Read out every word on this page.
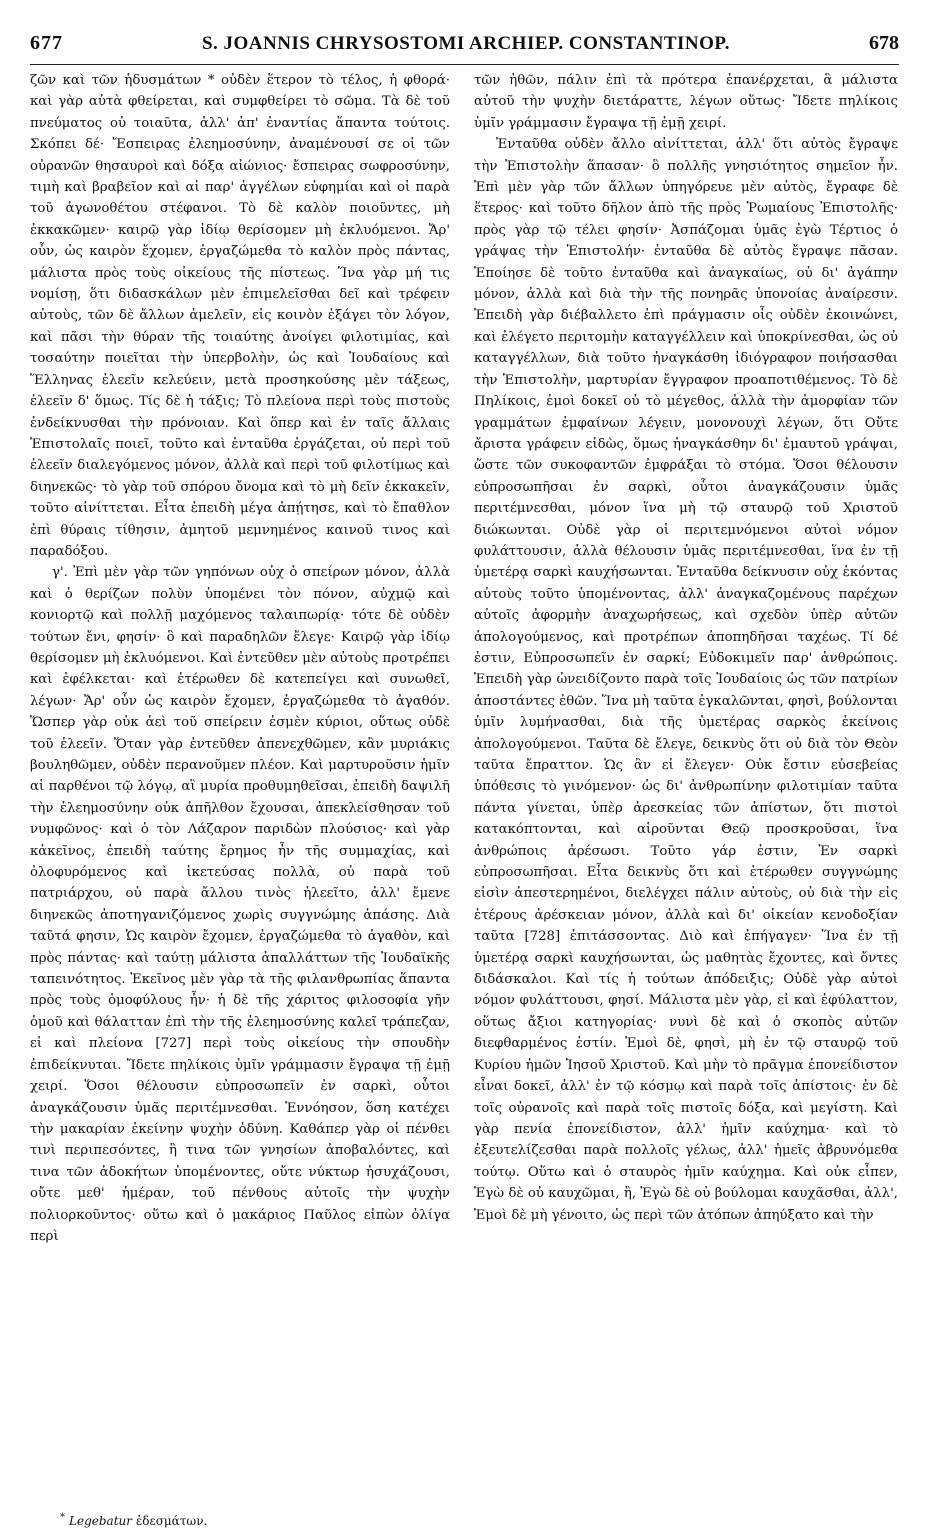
677	S. JOANNIS CHRYSOSTOMI ARCHIEP. CONSTANTINOP.	678

ζῶν καὶ τῶν ἡδυσμάτων * οὐδὲν ἕτερον τὸ τέλος, ἡ φθορά· καὶ γὰρ αὐτὰ φθείρεται, καὶ συμφθείρει τὸ σῶμα. Τὰ δὲ τοῦ πνεύματος οὐ τοιαῦτα, ἀλλ' ἀπ' ἐναντίας ἅπαντα τούτοις. Σκόπει δέ· Ἔσπειρας ἐλεημοσύνην, ἀναμένουσί σε οἱ τῶν οὐρανῶν θησαυροὶ καὶ δόξα αἰώνιος· ἔσπειρας σωφροσύνην, τιμὴ καὶ βραβεῖον καὶ αἱ παρ' ἀγγέλων εὐφημίαι καὶ οἱ παρὰ τοῦ ἀγωνοθέτου στέφανοι. Τὸ δὲ καλὸν ποιοῦντες, μὴ ἐκκακῶμεν· καιρῷ γὰρ ἰδίῳ θερίσομεν μὴ ἐκλυόμενοι. Ἄρ' οὖν, ὡς καιρὸν ἔχομεν, ἐργαζώμεθα τὸ καλὸν πρὸς πάντας, μάλιστα πρὸς τοὺς οἰκείους τῆς πίστεως. Ἵνα γὰρ μή τις νομίσῃ, ὅτι διδασκάλων μὲν ἐπιμελεῖσθαι δεῖ καὶ τρέφειν αὐτοὺς, τῶν δὲ ἄλλων ἀμελεῖν, εἰς κοινὸν ἐξάγει τὸν λόγον, καὶ πᾶσι τὴν θύραν τῆς τοιαύτης ἀνοίγει φιλοτιμίας, καὶ τοσαύτην ποιεῖται τὴν ὑπερβολὴν, ὡς καὶ Ἰουδαίους καὶ Ἕλληνας ἐλεεῖν κελεύειν, μετὰ προσηκούσης μὲν τάξεως, ἐλεεῖν δ' ὅμως. Τίς δὲ ἡ τάξις; Τὸ πλείονα περὶ τοὺς πιστοὺς ἐνδείκνυσθαι τὴν πρόνοιαν. Καὶ ὅπερ καὶ ἐν ταῖς ἄλλαις Ἐπιστολαῖς ποιεῖ, τοῦτο καὶ ἐνταῦθα ἐργάζεται, οὐ περὶ τοῦ ἐλεεῖν διαλεγόμενος μόνον, ἀλλὰ καὶ περὶ τοῦ φιλοτίμως καὶ διηνεκῶς· τὸ γὰρ τοῦ σπόρου ὄνομα καὶ τὸ μὴ δεῖν ἐκκακεῖν, τοῦτο αἰνίττεται. Εἶτα ἐπειδὴ μέγα ἀπῄτησε, καὶ τὸ ἔπαθλον ἐπὶ θύραις τίθησιν, ἀμητοῦ μεμνημένος καινοῦ τινος καὶ παραδόξου.

γ'. Ἐπὶ μὲν γὰρ τῶν γηπόνων οὐχ ὁ σπείρων μόνον, ἀλλὰ καὶ ὁ θερίζων πολὺν ὑπομένει τὸν πόνον, αὐχμῷ καὶ κονιορτῷ καὶ πολλῇ μαχόμενος ταλαιπωρίᾳ· τότε δὲ οὐδὲν τούτων ἔνι, φησίν· ὃ καὶ παραδηλῶν ἔλεγε· Καιρῷ γὰρ ἰδίῳ θερίσομεν μὴ ἐκλυόμενοι. Καὶ ἐντεῦθεν μὲν αὐτοὺς προτρέπει καὶ ἐφέλκεται· καὶ ἑτέρωθεν δὲ κατεπείγει καὶ συνωθεῖ, λέγων· Ἄρ' οὖν ὡς καιρὸν ἔχομεν, ἐργαζώμεθα τὸ ἀγαθόν. Ὥσπερ γὰρ οὐκ ἀεὶ τοῦ σπείρειν ἐσμὲν κύριοι, οὕτως οὐδὲ τοῦ ἐλεεῖν. Ὅταν γὰρ ἐντεῦθεν ἀπενεχθῶμεν, κἂν μυριάκις βουληθῶμεν, οὐδὲν περανοῦμεν πλέον. Καὶ μαρτυροῦσιν ἡμῖν αἱ παρθένοι τῷ λόγῳ, αἳ μυρία προθυμηθεῖσαι, ἐπειδὴ δαψιλῆ τὴν ἐλεημοσύνην οὐκ ἀπῆλθον ἔχουσαι, ἀπεκλείσθησαν τοῦ νυμφῶνος· καὶ ὁ τὸν Λάζαρον παριδὼν πλούσιος· καὶ γὰρ κἀκεῖνος, ἐπειδὴ ταύτης ἔρημος ἦν τῆς συμμαχίας, καὶ ὀλοφυρόμενος καὶ ἱκετεύσας πολλὰ, οὐ παρὰ τοῦ πατριάρχου, οὐ παρὰ ἄλλου τινὸς ἠλεεῖτο, ἀλλ' ἔμενε διηνεκῶς ἀποτηγανιζόμενος χωρὶς συγγνώμης ἁπάσης. Διὰ ταῦτά φησιν, Ὡς καιρὸν ἔχομεν, ἐργαζώμεθα τὸ ἀγαθὸν, καὶ πρὸς πάντας· καὶ ταύτῃ μάλιστα ἀπαλλάττων τῆς Ἰουδαϊκῆς ταπεινότητος. Ἐκεῖνος μὲν γὰρ τὰ τῆς φιλανθρωπίας ἅπαντα πρὸς τοὺς ὁμοφύλους ἦν· ἡ δὲ τῆς χάριτος φιλοσοφία γῆν ὁμοῦ καὶ θάλατταν ἐπὶ τὴν τῆς ἐλεημοσύνης καλεῖ τράπεζαν, εἰ καὶ πλείονα [727] περὶ τοὺς οἰκείους τὴν σπουδὴν ἐπιδείκνυται. Ἴδετε πηλίκοις ὑμῖν γράμμασιν ἔγραψα τῇ ἐμῇ χειρί. Ὅσοι θέλουσιν εὐπροσωπεῖν ἐν σαρκὶ, οὗτοι ἀναγκάζουσιν ὑμᾶς περιτέμνεσθαι. Ἐννόησον, ὅση κατέχει τὴν μακαρίαν ἐκείνην ψυχὴν ὀδύνη. Καθάπερ γὰρ οἱ πένθει τινὶ περιπεσόντες, ἢ τινα τῶν γνησίων ἀποβαλόντες, καὶ τινα τῶν ἀδοκήτων ὑπομένοντες, οὔτε νύκτωρ ἡσυχάζουσι, οὔτε μεθ' ἡμέραν, τοῦ πένθους αὐτοῖς τὴν ψυχὴν πολιορκοῦντος· οὕτω καὶ ὁ μακάριος Παῦλος εἰπὼν ὀλίγα περὶ

τῶν ἠθῶν, πάλιν ἐπὶ τὰ πρότερα ἐπανέρχεται, ἃ μάλιστα αὐτοῦ τὴν ψυχὴν διετάραττε, λέγων οὕτως· Ἴδετε πηλίκοις ὑμῖν γράμμασιν ἔγραψα τῇ ἐμῇ χειρί.

Ἐνταῦθα οὐδὲν ἄλλο αἰνίττεται, ἀλλ' ὅτι αὐτὸς ἔγραψε τὴν Ἐπιστολὴν ἅπασαν· ὃ πολλῆς γνησιότητος σημεῖον ἦν. Ἐπὶ μὲν γὰρ τῶν ἄλλων ὑπηγόρευε μὲν αὐτὸς, ἔγραφε δὲ ἕτερος· καὶ τοῦτο δῆλον ἀπὸ τῆς πρὸς Ῥωμαίους Ἐπιστολῆς· πρὸς γὰρ τῷ τέλει φησίν· Ἀσπάζομαι ὑμᾶς ἐγὼ Τέρτιος ὁ γράψας τὴν Ἐπιστολήν· ἐνταῦθα δὲ αὐτὸς ἔγραψε πᾶσαν. Ἐποίησε δὲ τοῦτο ἐνταῦθα καὶ ἀναγκαίως, οὐ δι' ἀγάπην μόνον, ἀλλὰ καὶ διὰ τὴν τῆς πονηρᾶς ὑπονοίας ἀναίρεσιν. Ἐπειδὴ γὰρ διέβαλλετο ἐπὶ πράγμασιν οἷς οὐδὲν ἐκοινώνει, καὶ ἐλέγετο περιτομὴν καταγγέλλειν καὶ ὑποκρίνεσθαι, ὡς οὐ καταγγέλλων, διὰ τοῦτο ἠναγκάσθη ἰδιόγραφον ποιήσασθαι τὴν Ἐπιστολὴν, μαρτυρίαν ἔγγραφον προαποτιθέμενος. Τὸ δὲ Πηλίκοις, ἐμοὶ δοκεῖ οὐ τὸ μέγεθος, ἀλλὰ τὴν ἀμορφίαν τῶν γραμμάτων ἐμφαίνων λέγειν, μονονουχὶ λέγων, ὅτι Οὔτε ἄριστα γράφειν εἰδὼς, ὅμως ἠναγκάσθην δι' ἐμαυτοῦ γράψαι, ὥστε τῶν συκοφαντῶν ἐμφράξαι τὸ στόμα. Ὅσοι θέλουσιν εὐπροσωπῆσαι ἐν σαρκὶ, οὗτοι ἀναγκάζουσιν ὑμᾶς περιτέμνεσθαι, μόνον ἵνα μὴ τῷ σταυρῷ τοῦ Χριστοῦ διώκωνται. Οὐδὲ γὰρ οἱ περιτεμνόμενοι αὐτοὶ νόμον φυλάττουσιν, ἀλλὰ θέλουσιν ὑμᾶς περιτέμνεσθαι, ἵνα ἐν τῇ ὑμετέρᾳ σαρκὶ καυχήσωνται. Ἐνταῦθα δείκνυσιν οὐχ ἑκόντας αὐτοὺς τοῦτο ὑπομένοντας, ἀλλ' ἀναγκαζομένους παρέχων αὐτοῖς ἀφορμὴν ἀναχωρήσεως, καὶ σχεδὸν ὑπὲρ αὐτῶν ἀπολογούμενος, καὶ προτρέπων ἀποπηδῆσαι ταχέως. Τί δέ ἐστιν, Εὐπροσωπεῖν ἐν σαρκί; Εὐδοκιμεῖν παρ' ἀνθρώποις. Ἐπειδὴ γὰρ ὠνειδίζοντο παρὰ τοῖς Ἰουδαίοις ὡς τῶν πατρίων ἀποστάντες ἐθῶν. Ἵνα μὴ ταῦτα ἐγκαλῶνται, φησὶ, βούλονται ὑμῖν λυμήνασθαι, διὰ τῆς ὑμετέρας σαρκὸς ἐκείνοις ἀπολογούμενοι. Ταῦτα δὲ ἔλεγε, δεικνὺς ὅτι οὐ διὰ τὸν Θεὸν ταῦτα ἔπραττον. Ὡς ἂν εἰ ἔλεγεν· Οὐκ ἔστιν εὐσεβείας ὑπόθεσις τὸ γινόμενον· ὡς δι' ἀνθρωπίνην φιλοτιμίαν ταῦτα πάντα γίνεται, ὑπὲρ ἀρεσκείας τῶν ἀπίστων, ὅτι πιστοὶ κατακόπτονται, καὶ αἱροῦνται Θεῷ προσκροῦσαι, ἵνα ἀνθρώποις ἀρέσωσι. Τοῦτο γάρ ἐστιν, Ἐν σαρκὶ εὐπροσωπῆσαι. Εἶτα δεικνὺς ὅτι καὶ ἑτέρωθεν συγγνώμης εἰσὶν ἀπεστερημένοι, διελέγχει πάλιν αὐτοὺς, οὐ διὰ τὴν εἰς ἑτέρους ἀρέσκειαν μόνον, ἀλλὰ καὶ δι' οἰκείαν κενοδοξίαν ταῦτα [728] ἐπιτάσσοντας. Διὸ καὶ ἐπήγαγεν· Ἵνα ἐν τῇ ὑμετέρᾳ σαρκὶ καυχήσωνται, ὡς μαθητὰς ἔχοντες, καὶ ὄντες διδάσκαλοι. Καὶ τίς ἡ τούτων ἀπόδειξις; Οὐδὲ γὰρ αὐτοὶ νόμον φυλάττουσι, φησί. Μάλιστα μὲν γὰρ, εἰ καὶ ἐφύλαττον, οὕτως ἄξιοι κατηγορίας· νυνὶ δὲ καὶ ὁ σκοπὸς αὐτῶν διεφθαρμένος ἐστίν. Ἐμοὶ δὲ, φησὶ, μὴ ἐν τῷ σταυρῷ τοῦ Κυρίου ἡμῶν Ἰησοῦ Χριστοῦ. Καὶ μὴν τὸ πρᾶγμα ἐπονείδιστον εἶναι δοκεῖ, ἀλλ' ἐν τῷ κόσμῳ καὶ παρὰ τοῖς ἀπίστοις· ἐν δὲ τοῖς οὐρανοῖς καὶ παρὰ τοῖς πιστοῖς δόξα, καὶ μεγίστη. Καὶ γὰρ πενία ἐπονείδιστον, ἀλλ' ἡμῖν καύχημα· καὶ τὸ ἐξευτελίζεσθαι παρὰ πολλοῖς γέλως, ἀλλ' ἡμεῖς ἀβρυνόμεθα τούτῳ. Οὕτω καὶ ὁ σταυρὸς ἡμῖν καύχημα. Καὶ οὐκ εἶπεν, Ἐγὼ δὲ οὐ καυχῶμαι, ἢ, Ἐγὼ δὲ οὐ βούλομαι καυχᾶσθαι, ἀλλ', Ἐμοὶ δὲ μὴ γένοιτο, ὡς περὶ τῶν ἀτόπων ἀπηύξατο καὶ τὴν

* Legebatur ἐδεσμάτων.
